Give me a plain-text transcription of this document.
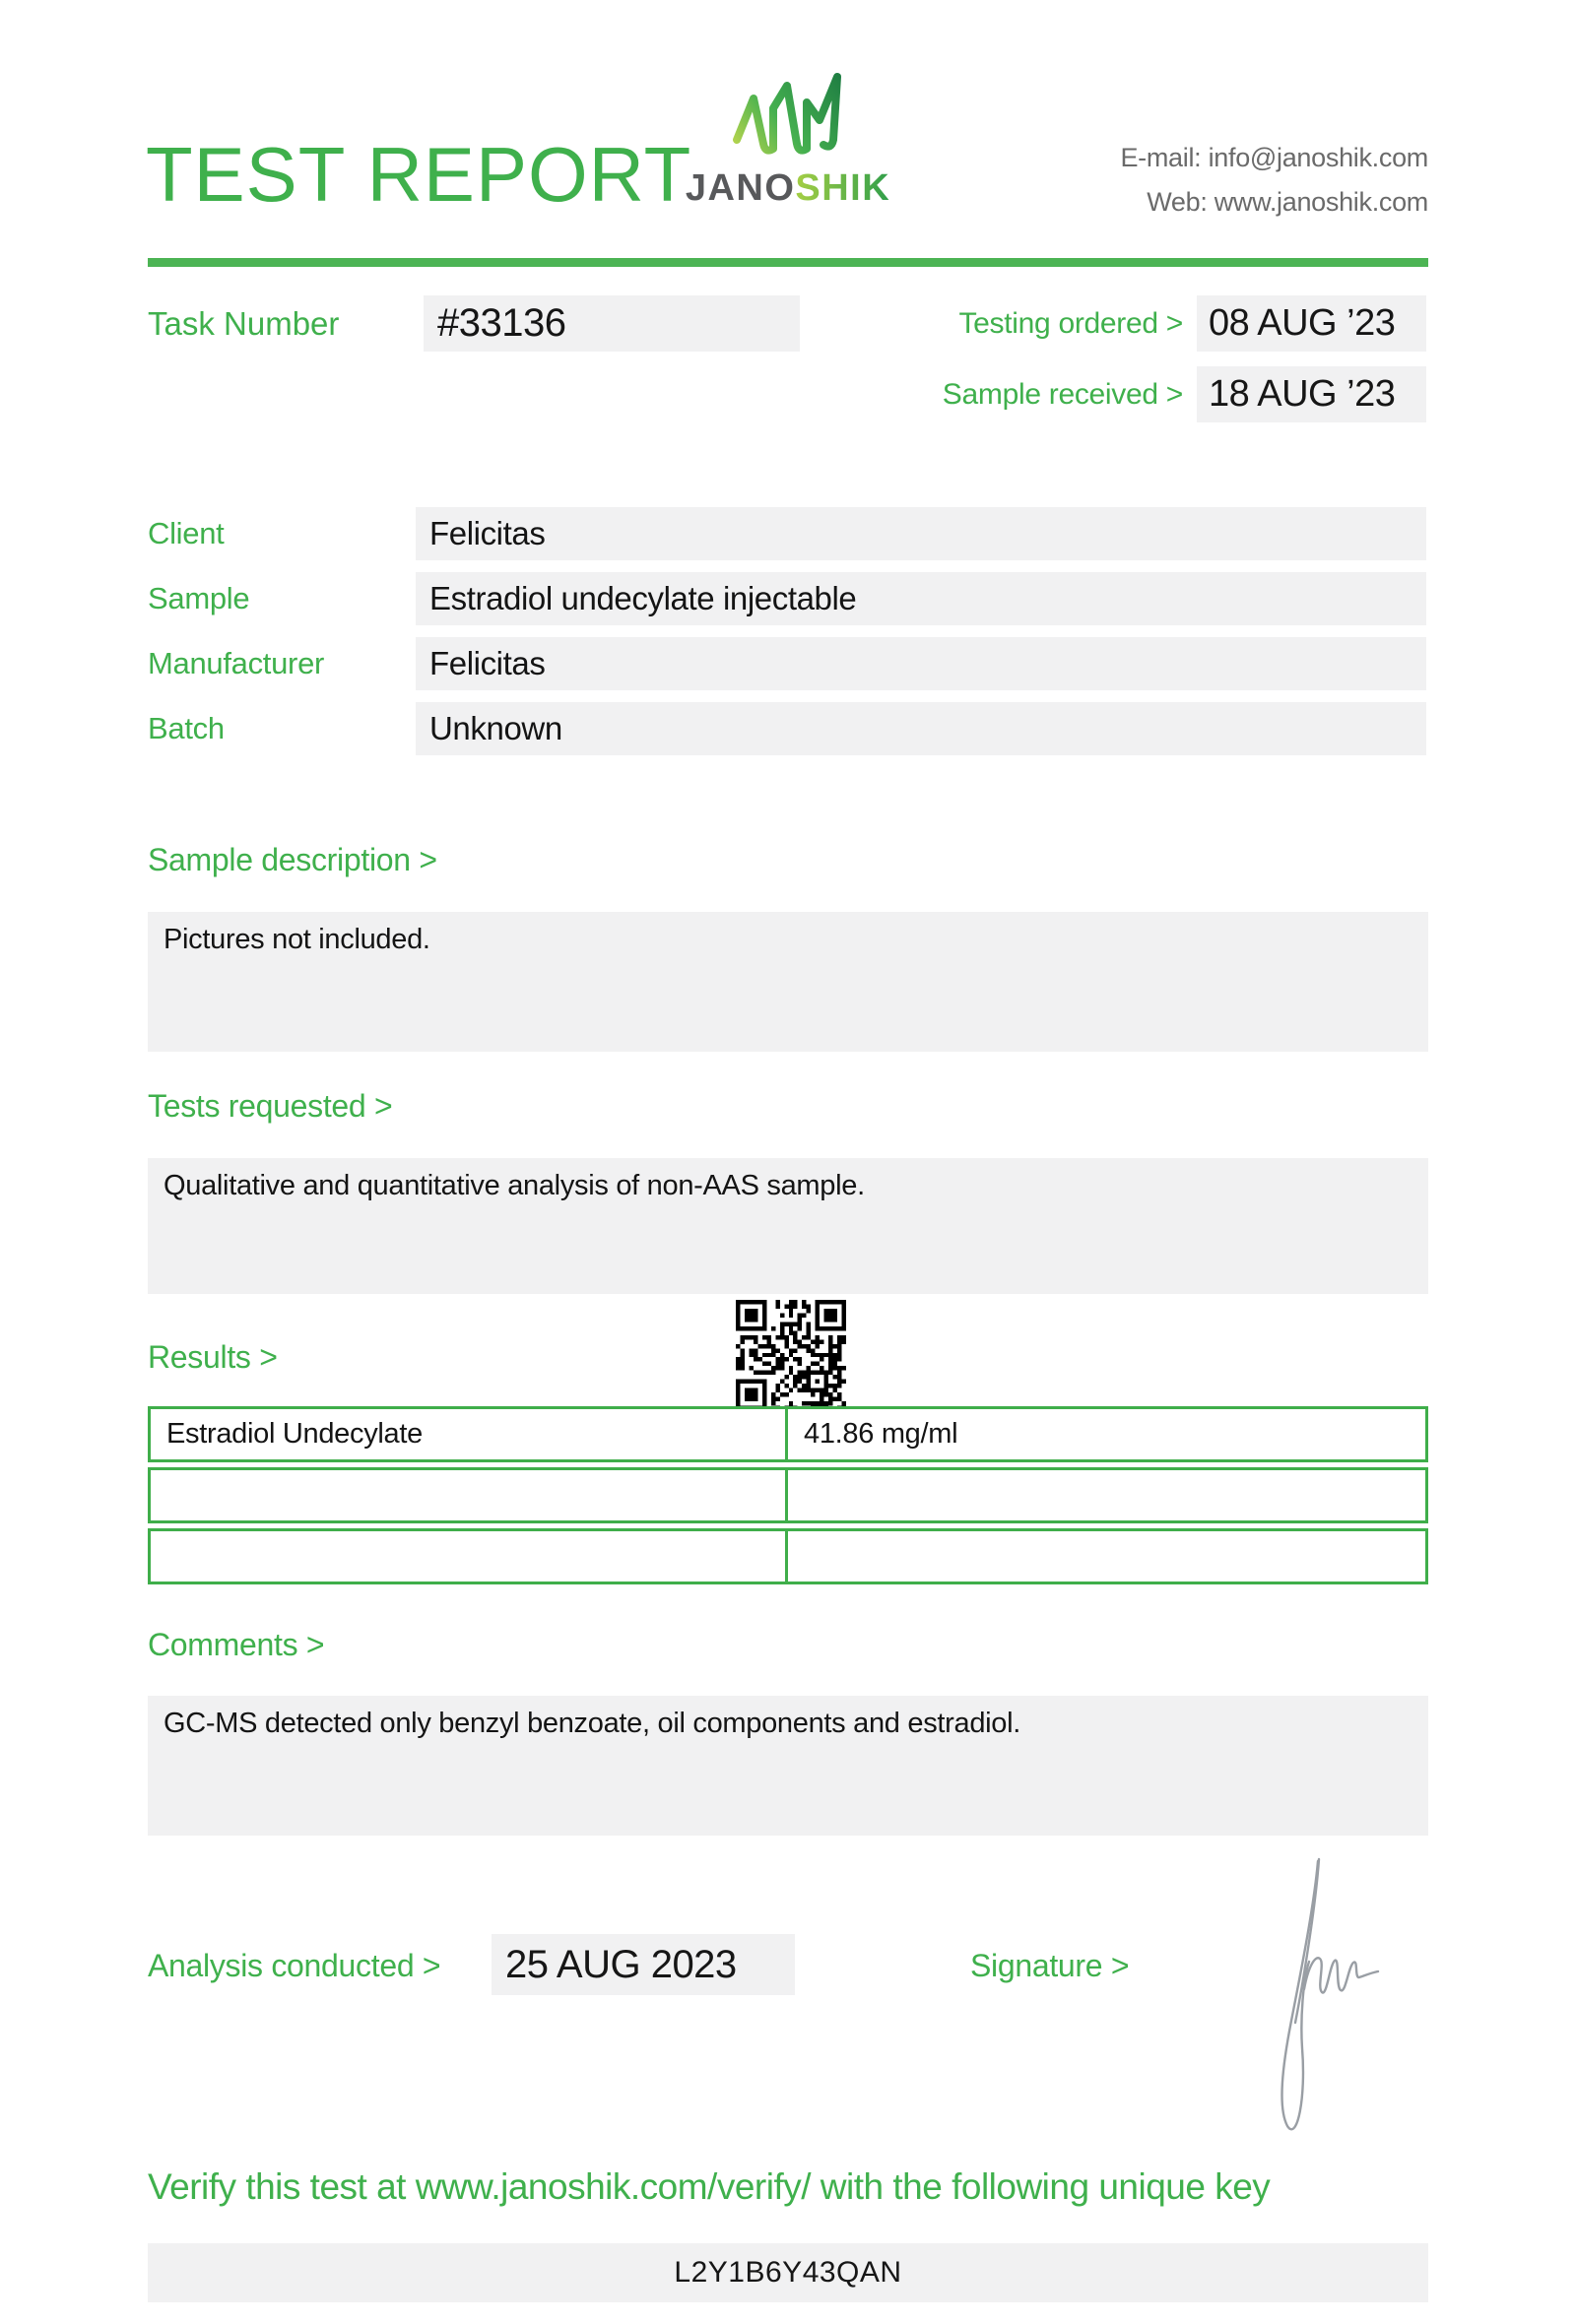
TEST REPORT
JANOSHIK
E-mail: info@janoshik.com
Web: www.janoshik.com
Task Number	#33136	Testing ordered > 08 AUG ’23
Sample received > 18 AUG ’23
Client	Felicitas
Sample	Estradiol undecylate injectable
Manufacturer	Felicitas
Batch	Unknown
Sample description >
Pictures not included.
Tests requested >
Qualitative and quantitative analysis of non-AAS sample.
Results >
Estradiol Undecylate	41.86 mg/ml
Comments >
GC-MS detected only benzyl benzoate, oil components and estradiol.
Analysis conducted >	25 AUG 2023	Signature >
Verify this test at www.janoshik.com/verify/ with the following unique key
L2Y1B6Y43QAN
